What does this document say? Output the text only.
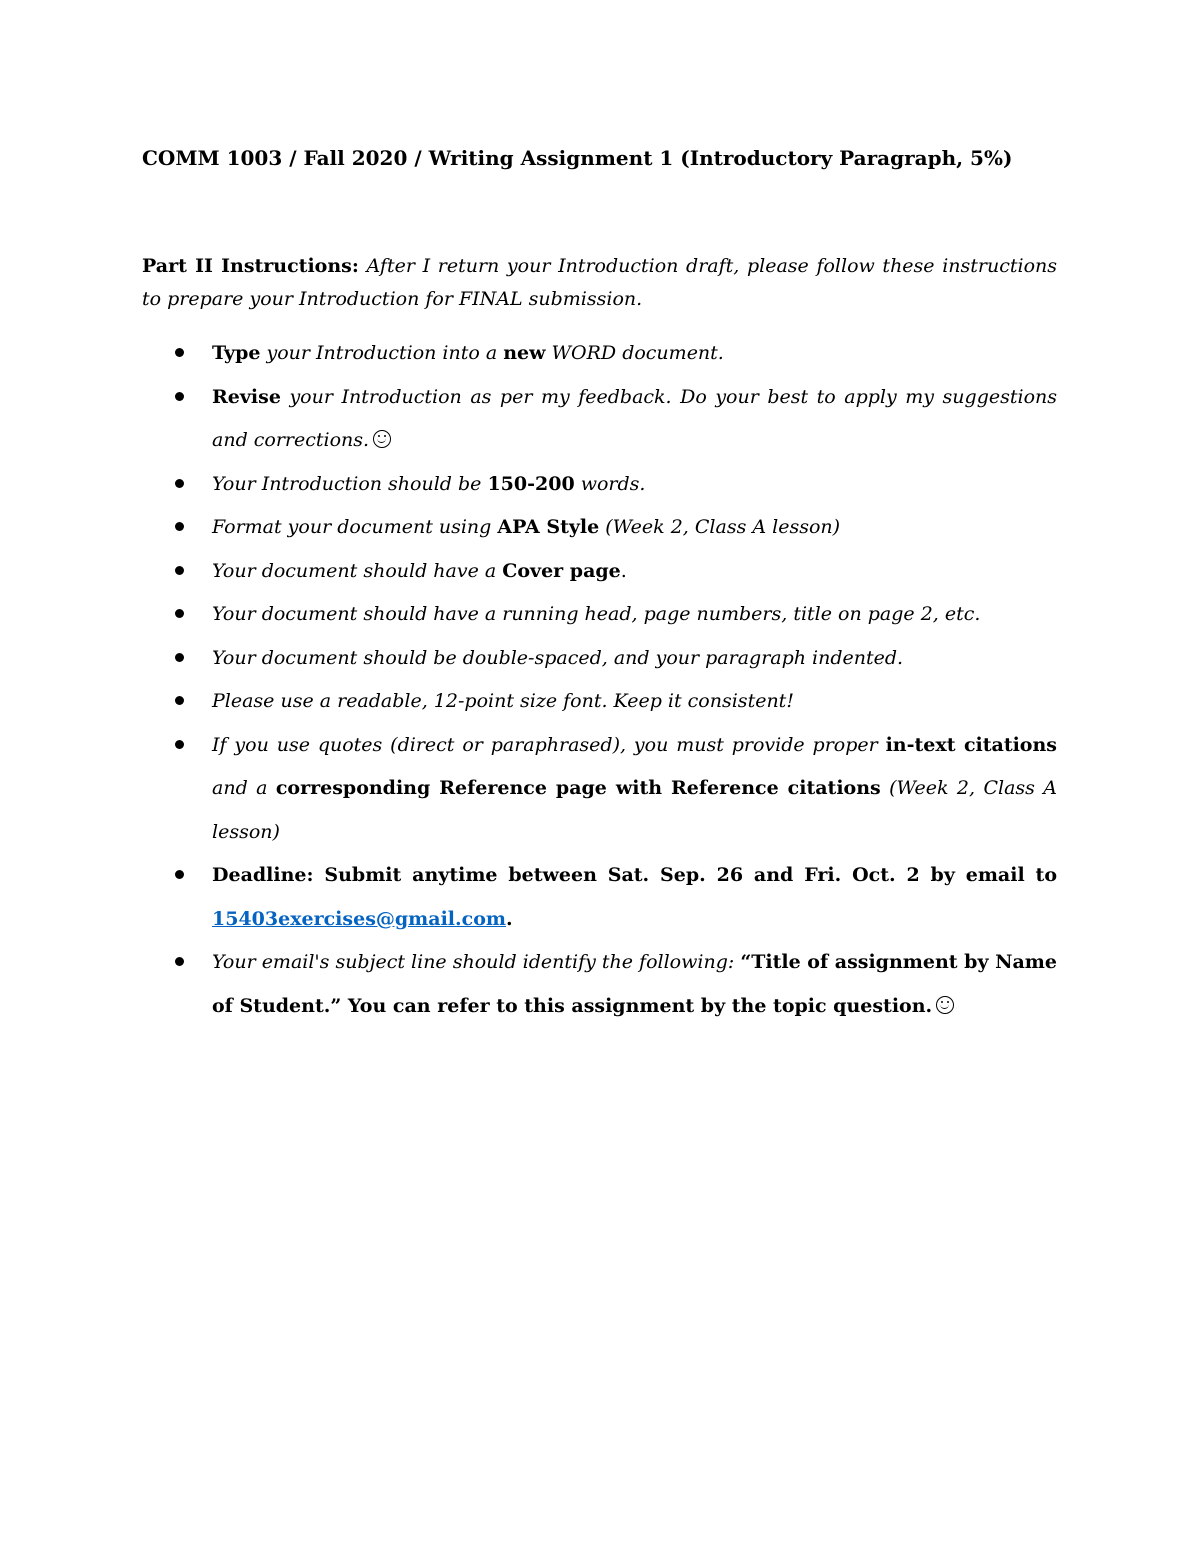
COMM 1003 / Fall 2020 / Writing Assignment 1 (Introductory Paragraph, 5%)

Part II Instructions: After I return your Introduction draft, please follow these instructions to prepare your Introduction for FINAL submission.

Type your Introduction into a new WORD document.
Revise your Introduction as per my feedback. Do your best to apply my suggestions and corrections.
Your Introduction should be 150-200 words.
Format your document using APA Style (Week 2, Class A lesson)
Your document should have a Cover page.
Your document should have a running head, page numbers, title on page 2, etc.
Your document should be double-spaced, and your paragraph indented.
Please use a readable, 12-point size font. Keep it consistent!
If you use quotes (direct or paraphrased), you must provide proper in-text citations and a corresponding Reference page with Reference citations (Week 2, Class A lesson)
Deadline: Submit anytime between Sat. Sep. 26 and Fri. Oct. 2 by email to 15403exercises@gmail.com.
Your email's subject line should identify the following: “Title of assignment by Name of Student.” You can refer to this assignment by the topic question.
